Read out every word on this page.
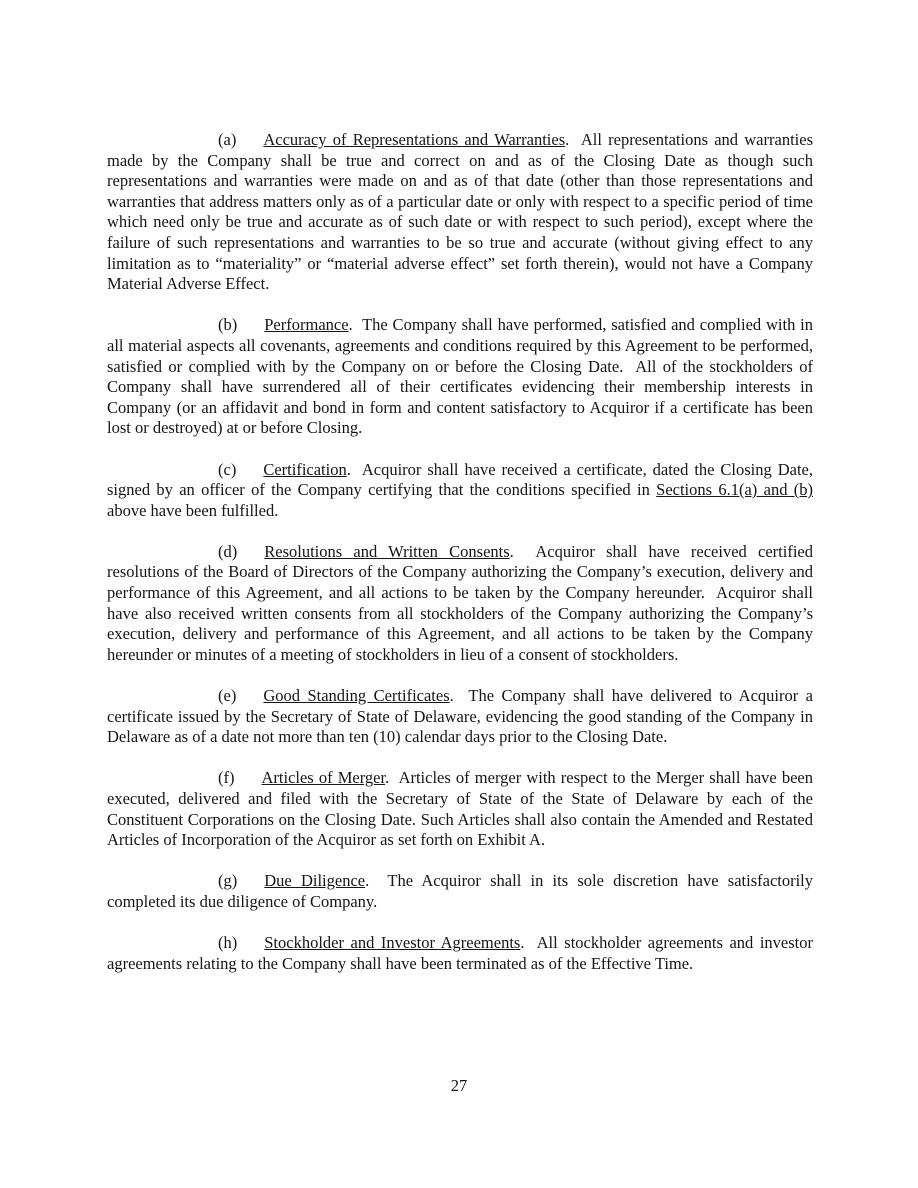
(a) Accuracy of Representations and Warranties.  All representations and warranties made by the Company shall be true and correct on and as of the Closing Date as though such representations and warranties were made on and as of that date (other than those representations and warranties that address matters only as of a particular date or only with respect to a specific period of time which need only be true and accurate as of such date or with respect to such period), except where the failure of such representations and warranties to be so true and accurate (without giving effect to any limitation as to “materiality” or “material adverse effect” set forth therein), would not have a Company Material Adverse Effect.

(b) Performance.  The Company shall have performed, satisfied and complied with in all material aspects all covenants, agreements and conditions required by this Agreement to be performed, satisfied or complied with by the Company on or before the Closing Date.  All of the stockholders of Company shall have surrendered all of their certificates evidencing their membership interests in Company (or an affidavit and bond in form and content satisfactory to Acquiror if a certificate has been lost or destroyed) at or before Closing.

(c) Certification.  Acquiror shall have received a certificate, dated the Closing Date, signed by an officer of the Company certifying that the conditions specified in Sections 6.1(a) and (b) above have been fulfilled.

(d) Resolutions and Written Consents.  Acquiror shall have received certified resolutions of the Board of Directors of the Company authorizing the Company’s execution, delivery and performance of this Agreement, and all actions to be taken by the Company hereunder.  Acquiror shall have also received written consents from all stockholders of the Company authorizing the Company’s execution, delivery and performance of this Agreement, and all actions to be taken by the Company hereunder or minutes of a meeting of stockholders in lieu of a consent of stockholders.

(e) Good Standing Certificates.  The Company shall have delivered to Acquiror a certificate issued by the Secretary of State of Delaware, evidencing the good standing of the Company in Delaware as of a date not more than ten (10) calendar days prior to the Closing Date.

(f) Articles of Merger.  Articles of merger with respect to the Merger shall have been executed, delivered and filed with the Secretary of State of the State of Delaware by each of the Constituent Corporations on the Closing Date. Such Articles shall also contain the Amended and Restated Articles of Incorporation of the Acquiror as set forth on Exhibit A.

(g) Due Diligence.  The Acquiror shall in its sole discretion have satisfactorily completed its due diligence of Company.

(h) Stockholder and Investor Agreements.  All stockholder agreements and investor agreements relating to the Company shall have been terminated as of the Effective Time.

27
